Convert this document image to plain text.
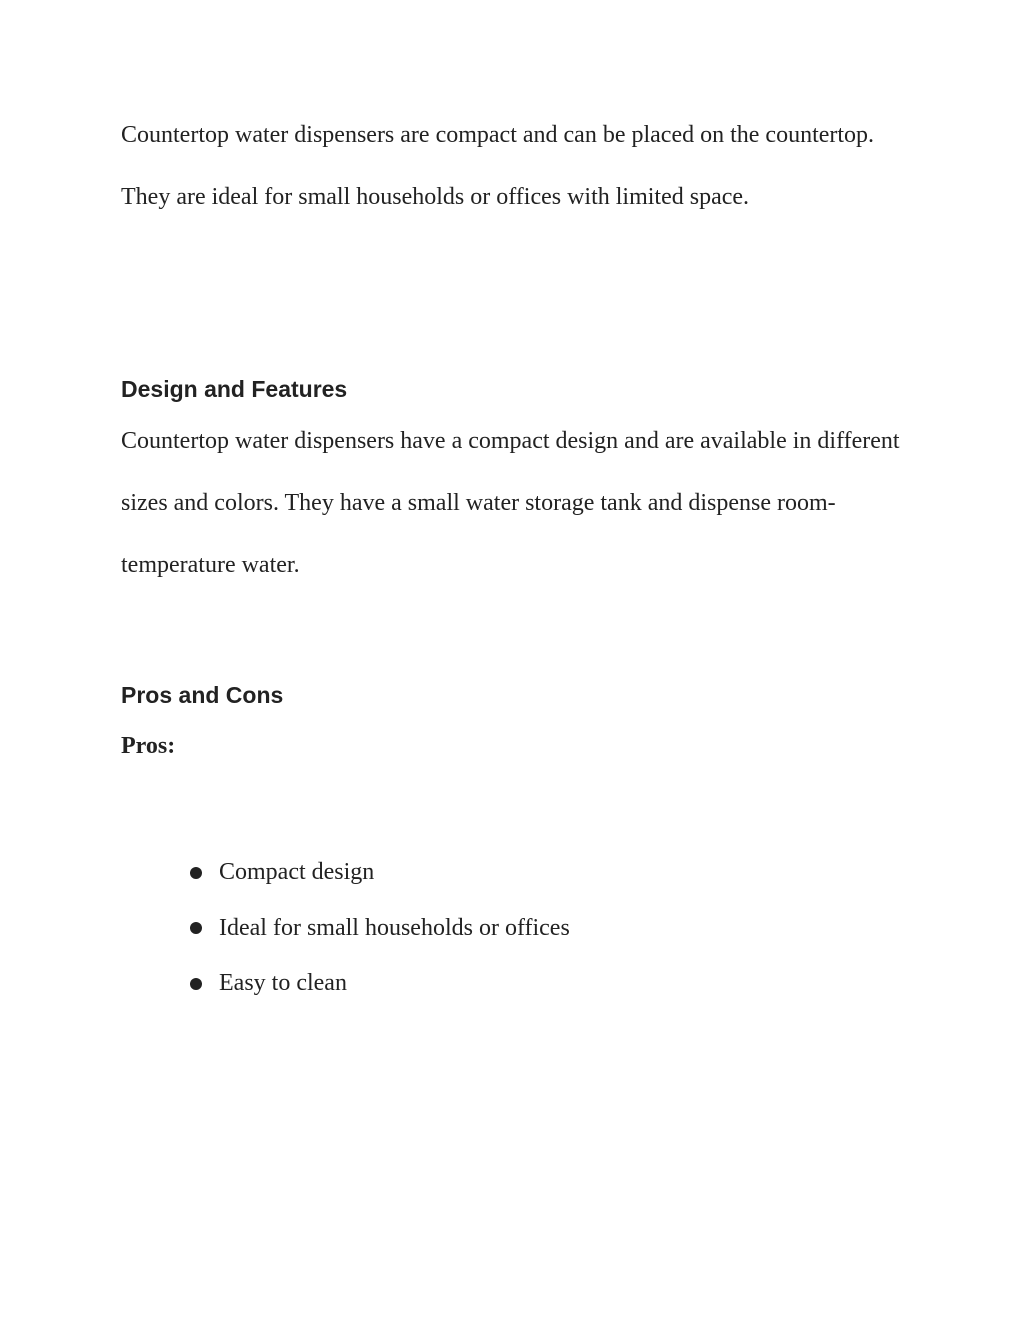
Countertop water dispensers are compact and can be placed on the countertop. They are ideal for small households or offices with limited space.

Design and Features

Countertop water dispensers have a compact design and are available in different sizes and colors. They have a small water storage tank and dispense room-temperature water.

Pros and Cons
Pros:
Compact design
Ideal for small households or offices
Easy to clean
